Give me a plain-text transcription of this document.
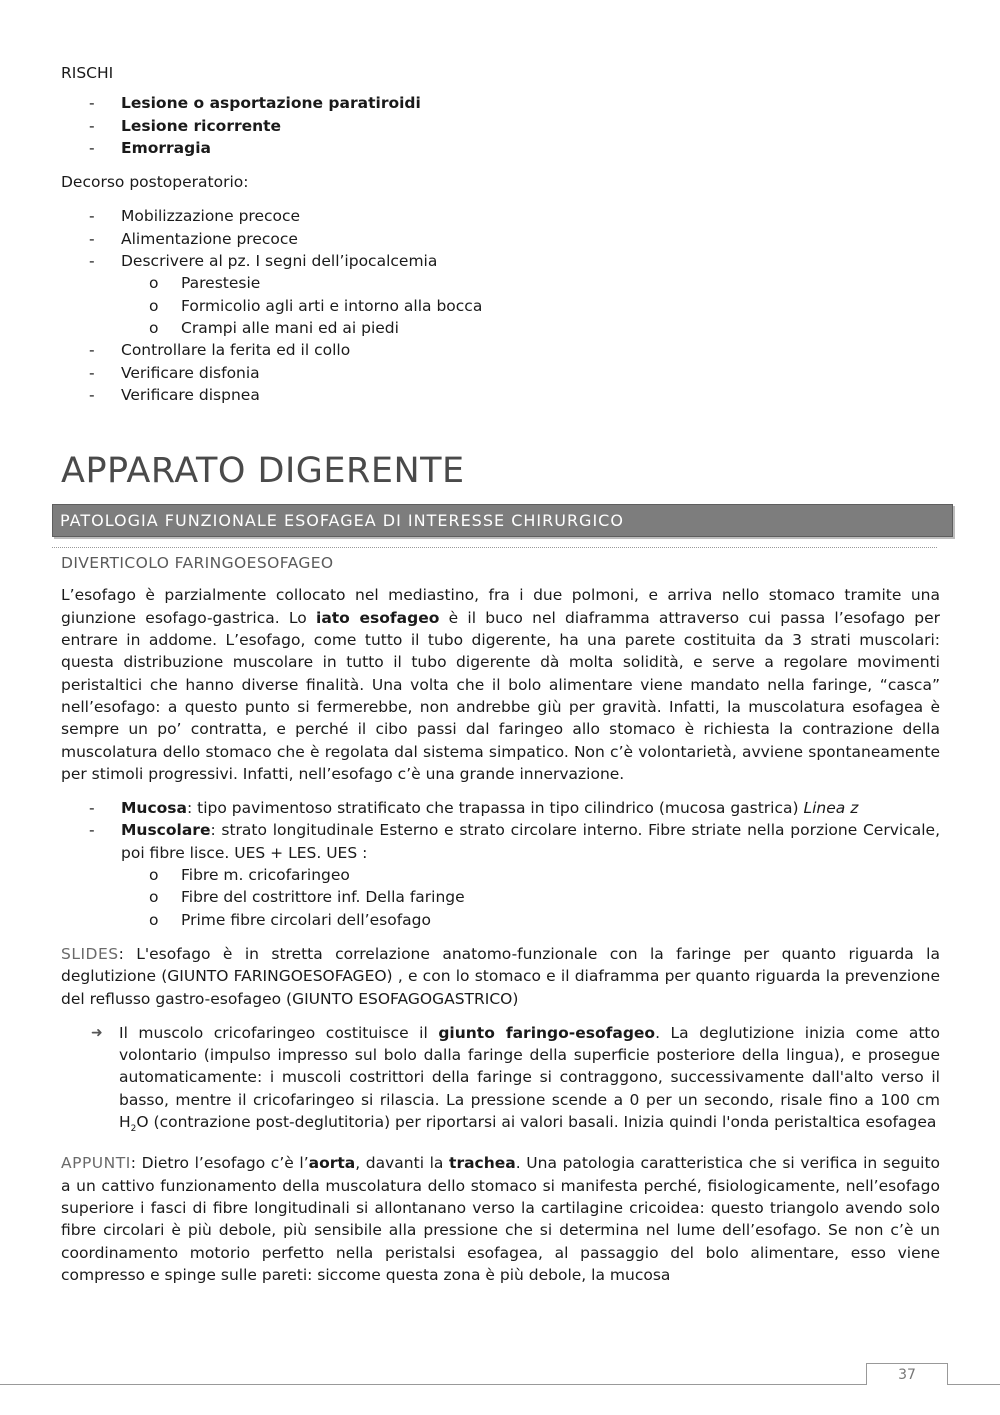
RISCHI

- Lesione o asportazione paratiroidi
- Lesione ricorrente
- Emorragia

Decorso postoperatorio:

- Mobilizzazione precoce
- Alimentazione precoce
- Descrivere al pz. I segni dell’ipocalcemia
o Parestesie
o Formicolio agli arti e intorno alla bocca
o Crampi alle mani ed ai piedi
- Controllare la ferita ed il collo
- Verificare disfonia
- Verificare dispnea
APPARATO DIGERENTE
PATOLOGIA FUNZIONALE ESOFAGEA DI INTERESSE CHIRURGICO
DIVERTICOLO FARINGOESOFAGEO

L’esofago è parzialmente collocato nel mediastino, fra i due polmoni, e arriva nello stomaco tramite una giunzione esofago-gastrica. Lo iato esofageo è il buco nel diaframma attraverso cui passa l’esofago per entrare in addome. L’esofago, come tutto il tubo digerente, ha una parete costituita da 3 strati muscolari: questa distribuzione muscolare in tutto il tubo digerente dà molta solidità, e serve a regolare movimenti peristaltici che hanno diverse finalità. Una volta che il bolo alimentare viene mandato nella faringe, “casca” nell’esofago: a questo punto si fermerebbe, non andrebbe giù per gravità. Infatti, la muscolatura esofagea è sempre un po’ contratta, e perché il cibo passi dal faringeo allo stomaco è richiesta la contrazione della muscolatura dello stomaco che è regolata dal sistema simpatico. Non c’è volontarietà, avviene spontaneamente per stimoli progressivi. Infatti, nell’esofago c’è una grande innervazione.

- Mucosa: tipo pavimentoso stratificato che trapassa in tipo cilindrico (mucosa gastrica) Linea z
- Muscolare: strato longitudinale Esterno e strato circolare interno. Fibre striate nella porzione Cervicale, poi fibre lisce. UES + LES. UES :
o Fibre m. cricofaringeo
o Fibre del costrittore inf. Della faringe
o Prime fibre circolari dell’esofago

SLIDES: L'esofago è in stretta correlazione anatomo-funzionale con la faringe per quanto riguarda la deglutizione (GIUNTO FARINGOESOFAGEO) , e con lo stomaco e il diaframma per quanto riguarda la prevenzione del reflusso gastro-esofageo (GIUNTO ESOFAGOGASTRICO)

➜ Il muscolo cricofaringeo costituisce il giunto faringo-esofageo. La deglutizione inizia come atto volontario (impulso impresso sul bolo dalla faringe della superficie posteriore della lingua), e prosegue automaticamente: i muscoli costrittori della faringe si contraggono, successivamente dall'alto verso il basso, mentre il cricofaringeo si rilascia. La pressione scende a 0 per un secondo, risale fino a 100 cm $H_2O$ (contrazione post-deglutitoria) per riportarsi ai valori basali. Inizia quindi l'onda peristaltica esofagea

APPUNTI: Dietro l’esofago c’è l’aorta, davanti la trachea. Una patologia caratteristica che si verifica in seguito a un cattivo funzionamento della muscolatura dello stomaco si manifesta perché, fisiologicamente, nell’esofago superiore i fasci di fibre longitudinali si allontanano verso la cartilagine cricoidea: questo triangolo avendo solo fibre circolari è più debole, più sensibile alla pressione che si determina nel lume dell’esofago. Se non c’è un coordinamento motorio perfetto nella peristalsi esofagea, al passaggio del bolo alimentare, esso viene compresso e spinge sulle pareti: siccome questa zona è più debole, la mucosa

37
